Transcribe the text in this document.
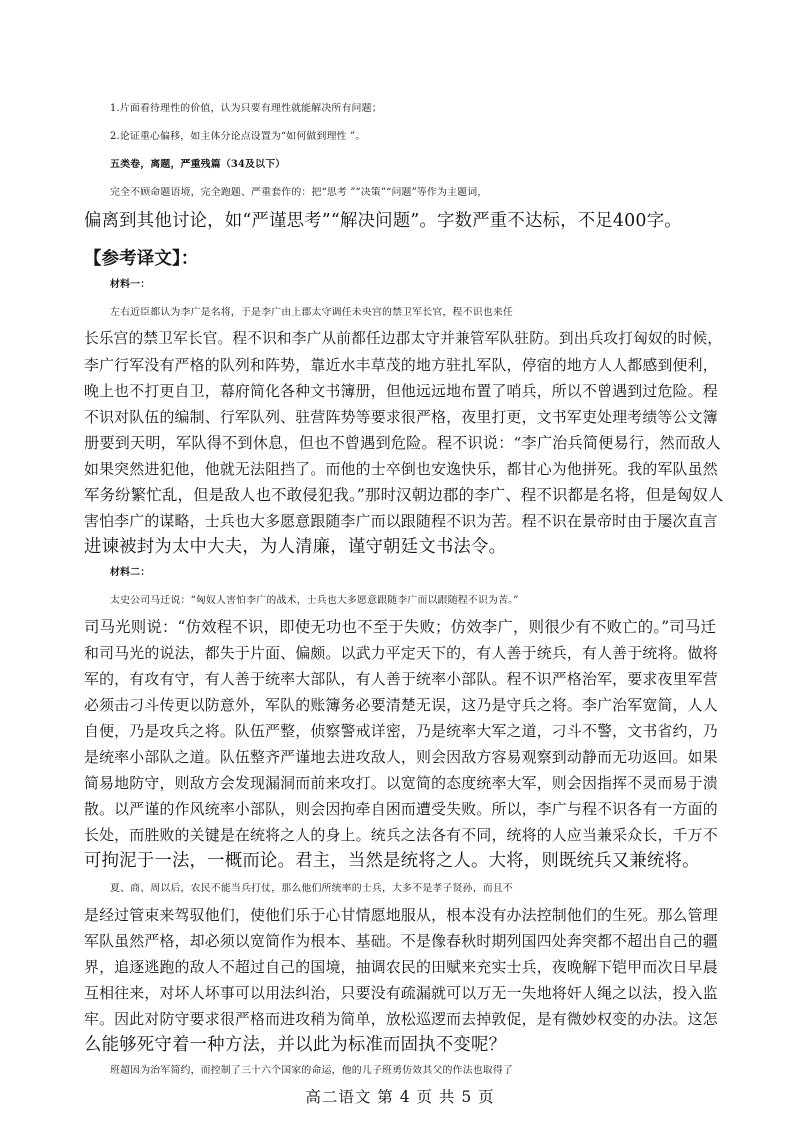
1.片面看待理性的价值，认为只要有理性就能解决所有问题；
2.论证重心偏移，如主体分论点设置为“如何做到理性 ”。
五类卷，离题，严重残篇（34及以下）
完全不顾命题语境，完全跑题、严重套作的：把“思考 ”“决策”“问题”等作为主题词，
偏离到其他讨论，如“严谨思考”“解决问题”。字数严重不达标，不足400字。
【参考译文】：
材料一：
左右近臣都认为李广是名将，于是李广由上郡太守调任未央宫的禁卫军长官，程不识也来任
长乐宫的禁卫军长官。程不识和李广从前都任边郡太守并兼管军队驻防。到出兵攻打匈奴的时候，
李广行军没有严格的队列和阵势，靠近水丰草茂的地方驻扎军队，停宿的地方人人都感到便利，
晚上也不打更自卫，幕府简化各种文书簿册，但他远远地布置了哨兵，所以不曾遇到过危险。程
不识对队伍的编制、行军队列、驻营阵势等要求很严格，夜里打更，文书军吏处理考绩等公文簿
册要到天明，军队得不到休息，但也不曾遇到危险。程不识说：“李广治兵简便易行，然而敌人
如果突然进犯他，他就无法阻挡了。而他的士卒倒也安逸快乐，都甘心为他拼死。我的军队虽然
军务纷繁忙乱，但是敌人也不敢侵犯我。”那时汉朝边郡的李广、程不识都是名将，但是匈奴人
害怕李广的谋略，士兵也大多愿意跟随李广而以跟随程不识为苦。程不识在景帝时由于屡次直言
进谏被封为太中大夫，为人清廉，谨守朝廷文书法令。
材料二：
太史公司马迁说：“匈奴人害怕李广的战术，士兵也大多愿意跟随李广而以跟随程不识为苦。”
司马光则说：“仿效程不识，即使无功也不至于失败；仿效李广，则很少有不败亡的。”司马迁
和司马光的说法，都失于片面、偏颇。以武力平定天下的，有人善于统兵，有人善于统将。做将
军的，有攻有守，有人善于统率大部队，有人善于统率小部队。程不识严格治军，要求夜里军营
必须击刁斗传更以防意外，军队的账簿务必要清楚无误，这乃是守兵之将。李广治军宽简，人人
自便，乃是攻兵之将。队伍严整，侦察警戒详密，乃是统率大军之道，刁斗不警，文书省约，乃
是统率小部队之道。队伍整齐严谨地去进攻敌人，则会因敌方容易观察到动静而无功返回。如果
简易地防守，则敌方会发现漏洞而前来攻打。以宽简的态度统率大军，则会因指挥不灵而易于溃
散。以严谨的作风统率小部队，则会因拘牵自困而遭受失败。所以，李广与程不识各有一方面的
长处，而胜败的关键是在统将之人的身上。统兵之法各有不同，统将的人应当兼采众长，千万不
可拘泥于一法，一概而论。君主，当然是统将之人。大将，则既统兵又兼统将。
夏、商、周以后，农民不能当兵打仗，那么他们所统率的士兵，大多不是孝子贤孙，而且不
是经过管束来驾驭他们，使他们乐于心甘情愿地服从，根本没有办法控制他们的生死。那么管理
军队虽然严格，却必须以宽简作为根本、基础。不是像春秋时期列国四处奔突都不超出自己的疆
界，追逐逃跑的敌人不超过自己的国境，抽调农民的田赋来充实士兵，夜晚解下铠甲而次日早晨
互相往来，对坏人坏事可以用法纠治，只要没有疏漏就可以万无一失地将奸人绳之以法，投入监
牢。因此对防守要求很严格而进攻稍为简单，放松巡逻而去掉敦促，是有微妙权变的办法。这怎
么能够死守着一种方法，并以此为标准而固执不变呢？
班超因为治军简约，而控制了三十六个国家的命运，他的儿子班勇仿效其父的作法也取得了
高二语文 第 4 页 共 5 页
